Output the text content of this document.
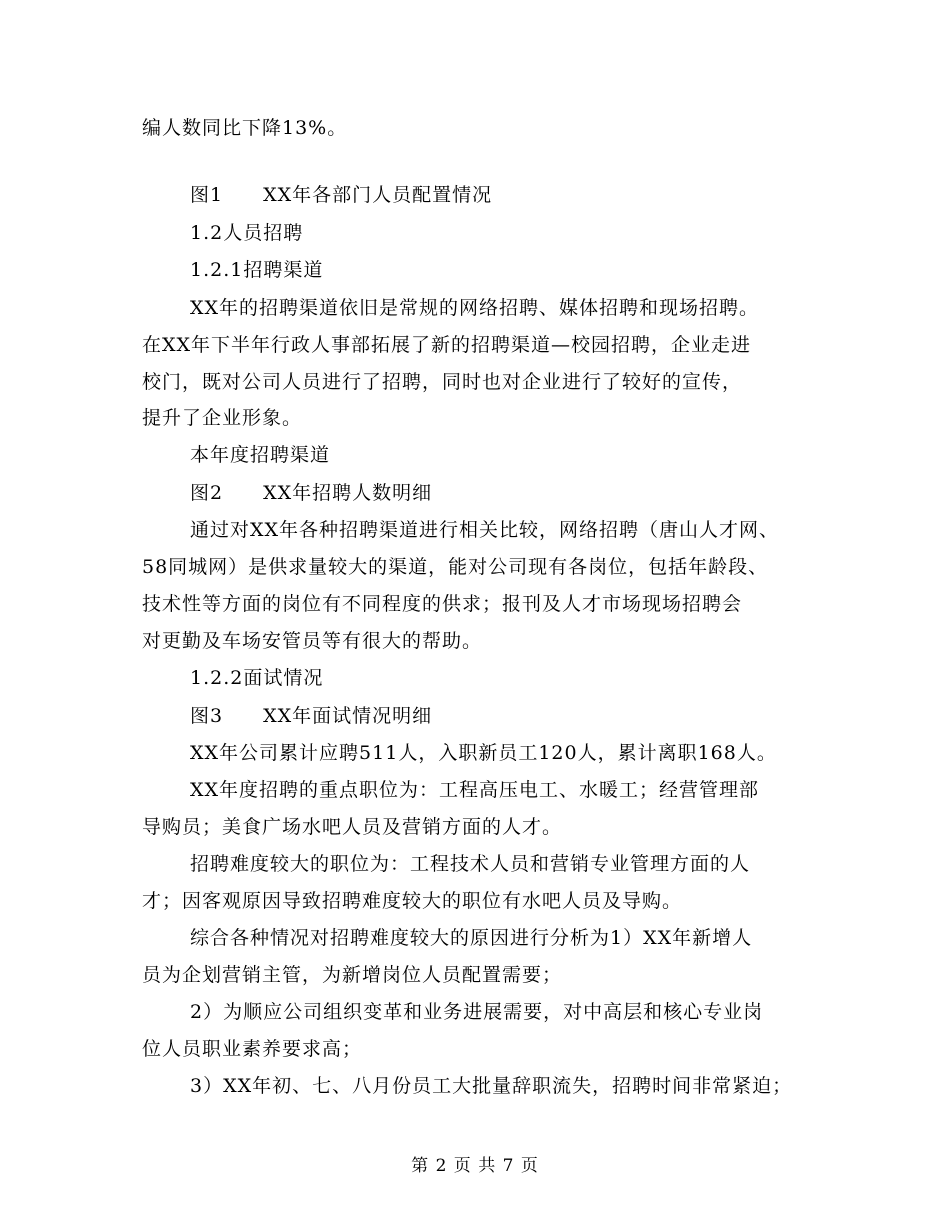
编人数同比下降13%。
图1　　XX年各部门人员配置情况
1.2人员招聘
1.2.1招聘渠道
XX年的招聘渠道依旧是常规的网络招聘、媒体招聘和现场招聘。
在XX年下半年行政人事部拓展了新的招聘渠道—校园招聘，企业走进
校门，既对公司人员进行了招聘，同时也对企业进行了较好的宣传，
提升了企业形象。
本年度招聘渠道
图2　　XX年招聘人数明细
通过对XX年各种招聘渠道进行相关比较，网络招聘（唐山人才网、
58同城网）是供求量较大的渠道，能对公司现有各岗位，包括年龄段、
技术性等方面的岗位有不同程度的供求；报刊及人才市场现场招聘会
对更勤及车场安管员等有很大的帮助。
1.2.2面试情况
图3　　XX年面试情况明细
XX年公司累计应聘511人，入职新员工120人，累计离职168人。
XX年度招聘的重点职位为：工程高压电工、水暖工；经营管理部
导购员；美食广场水吧人员及营销方面的人才。
招聘难度较大的职位为：工程技术人员和营销专业管理方面的人
才；因客观原因导致招聘难度较大的职位有水吧人员及导购。
综合各种情况对招聘难度较大的原因进行分析为1）XX年新增人
员为企划营销主管，为新增岗位人员配置需要；
2）为顺应公司组织变革和业务进展需要，对中高层和核心专业岗
位人员职业素养要求高；
3）XX年初、七、八月份员工大批量辞职流失，招聘时间非常紧迫；
第 2 页 共 7 页
